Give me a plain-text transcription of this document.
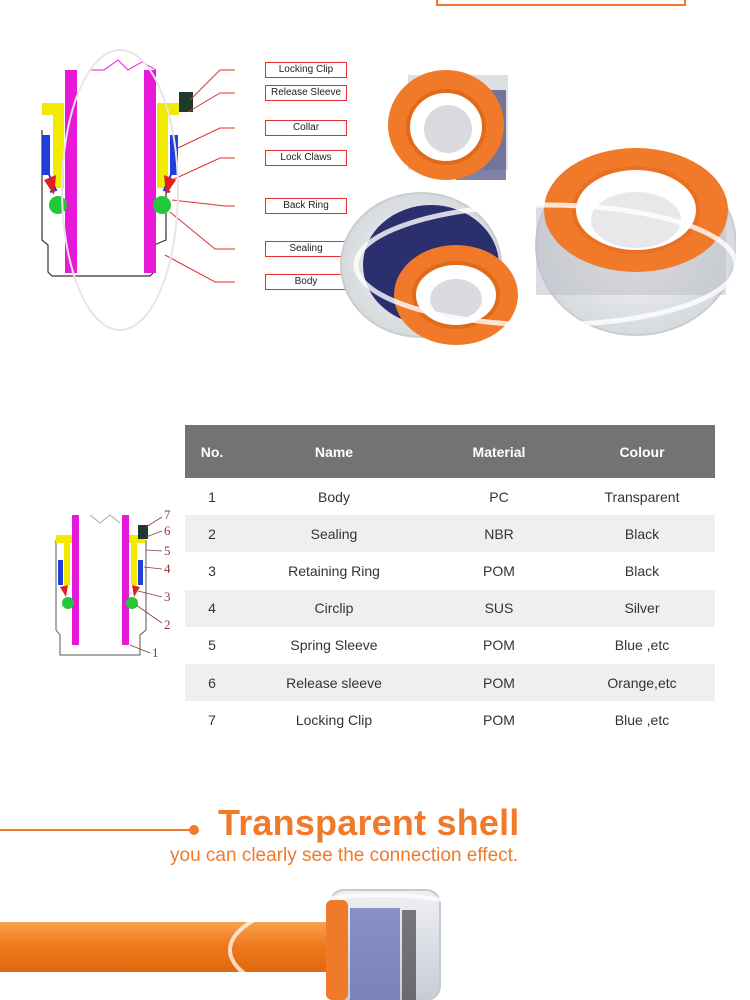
Locking Clip
Release Sleeve
Collar
Lock Claws
Back Ring
Sealing
Body
7
6
5
4
3
2
1
No.	Name	Material	Colour
1	Body	PC	Transparent
2	Sealing	NBR	Black
3	Retaining Ring	POM	Black
4	Circlip	SUS	Silver
5	Spring Sleeve	POM	Blue ,etc
6	Release sleeve	POM	Orange,etc
7	Locking Clip	POM	Blue ,etc
Transparent shell
you can clearly see the connection effect.
